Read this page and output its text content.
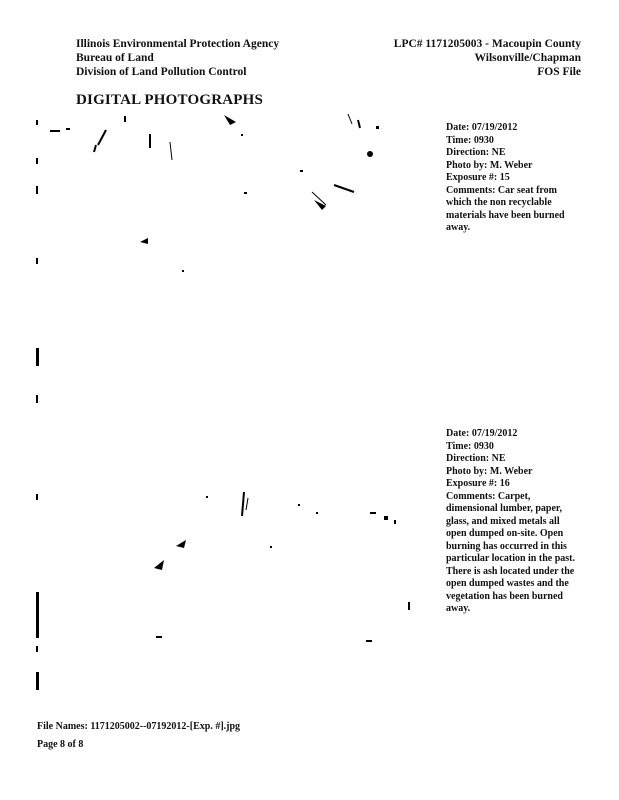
Illinois Environmental Protection Agency
Bureau of Land
Division of Land Pollution Control
LPC# 1171205003 - Macoupin County
Wilsonville/Chapman
FOS File
DIGITAL PHOTOGRAPHS
Date: 07/19/2012
Time: 0930
Direction: NE
Photo by: M. Weber
Exposure #: 15
Comments: Car seat from which the non recyclable materials have been burned away.
Date: 07/19/2012
Time: 0930
Direction: NE
Photo by: M. Weber
Exposure #: 16
Comments: Carpet, dimensional lumber, paper, glass, and mixed metals all open dumped on-site. Open burning has occurred in this particular location in the past. There is ash located under the open dumped wastes and the vegetation has been burned away.
File Names: 1171205002--07192012-[Exp. #].jpg
Page 8 of 8
